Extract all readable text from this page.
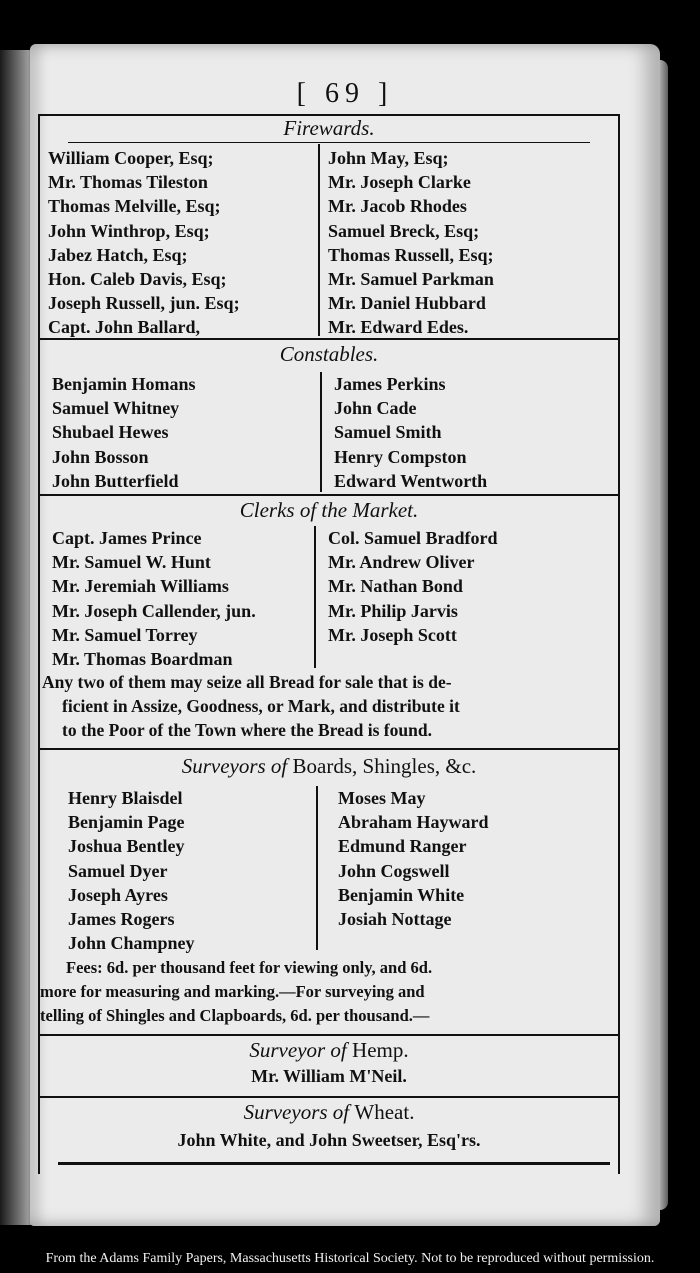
[ 69 ]
Firewards.
William Cooper, Esq;
Mr. Thomas Tileston
Thomas Melville, Esq;
John Winthrop, Esq;
Jabez Hatch, Esq;
Hon. Caleb Davis, Esq;
Joseph Russell, jun. Esq;
Capt. John Ballard,
John May, Esq;
Mr. Joseph Clarke
Mr. Jacob Rhodes
Samuel Breck, Esq;
Thomas Russell, Esq;
Mr. Samuel Parkman
Mr. Daniel Hubbard
Mr. Edward Edes.
Constables.
Benjamin Homans
Samuel Whitney
Shubael Hewes
John Bosson
John Butterfield
James Perkins
John Cade
Samuel Smith
Henry Compston
Edward Wentworth
Clerks of the Market.
Capt. James Prince
Mr. Samuel W. Hunt
Mr. Jeremiah Williams
Mr. Joseph Callender, jun.
Mr. Samuel Torrey
Mr. Thomas Boardman
Col. Samuel Bradford
Mr. Andrew Oliver
Mr. Nathan Bond
Mr. Philip Jarvis
Mr. Joseph Scott
Any two of them may seize all Bread for sale that is de-
ficient in Assize, Goodness, or Mark, and distribute it
to the Poor of the Town where the Bread is found.
Surveyors of Boards, Shingles, &c.
Henry Blaisdel
Benjamin Page
Joshua Bentley
Samuel Dyer
Joseph Ayres
James Rogers
John Champney
Moses May
Abraham Hayward
Edmund Ranger
John Cogswell
Benjamin White
Josiah Nottage
Fees: 6d. per thousand feet for viewing only, and 6d.
more for measuring and marking.—For surveying and
telling of Shingles and Clapboards, 6d. per thousand.—
Surveyor of Hemp.
Mr. William M'Neil.
Surveyors of Wheat.
John White, and John Sweetser, Esq'rs.
From the Adams Family Papers, Massachusetts Historical Society. Not to be reproduced without permission.
